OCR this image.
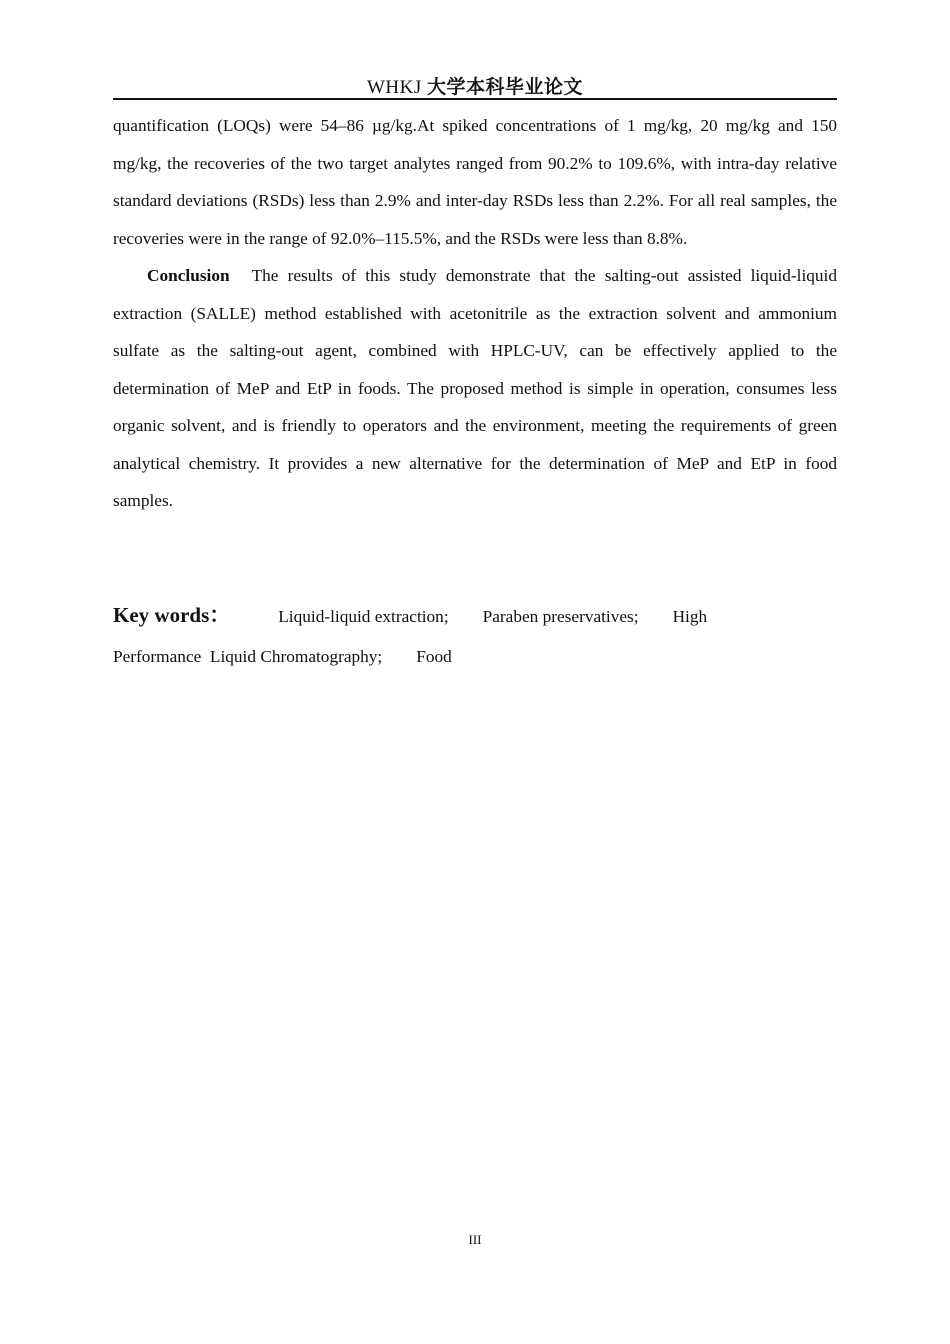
WHKJ 大学本科毕业论文

quantification (LOQs) were 54–86 µg/kg.At spiked concentrations of 1 mg/kg, 20 mg/kg and 150 mg/kg, the recoveries of the two target analytes ranged from 90.2% to 109.6%, with intra-day relative standard deviations (RSDs) less than 2.9% and inter-day RSDs less than 2.2%. For all real samples, the recoveries were in the range of 92.0%–115.5%, and the RSDs were less than 8.8%.

Conclusion The results of this study demonstrate that the salting-out assisted liquid-liquid extraction (SALLE) method established with acetonitrile as the extraction solvent and ammonium sulfate as the salting-out agent, combined with HPLC-UV, can be effectively applied to the determination of MeP and EtP in foods. The proposed method is simple in operation, consumes less organic solvent, and is friendly to operators and the environment, meeting the requirements of green analytical chemistry. It provides a new alternative for the determination of MeP and EtP in food samples.

Key words：	Liquid-liquid extraction; Paraben preservatives; High
Performance  Liquid Chromatography; Food
III
